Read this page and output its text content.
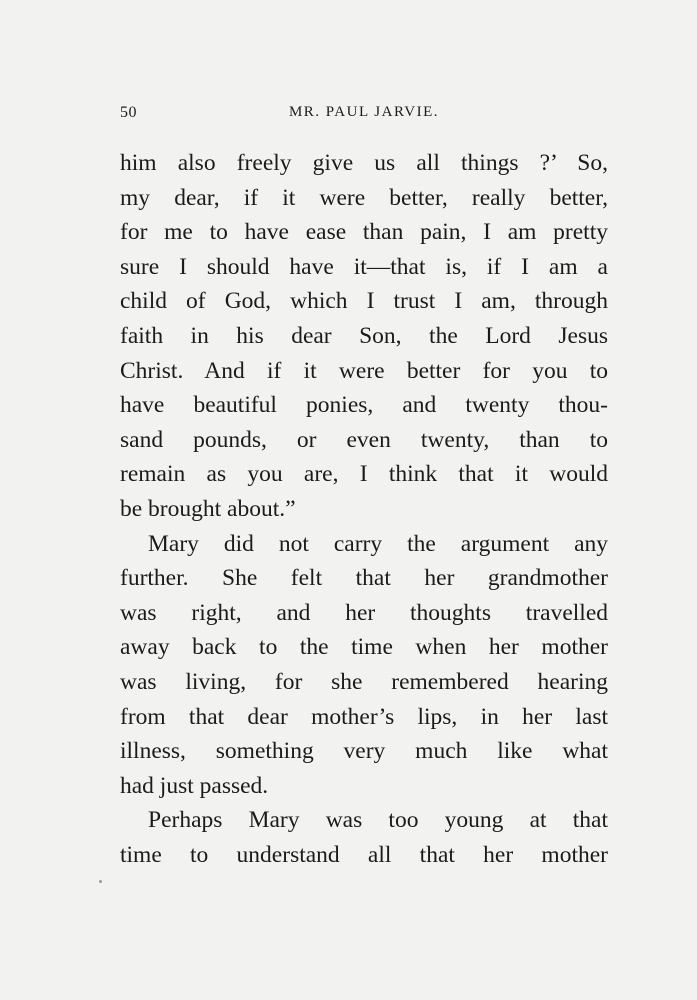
50	MR. PAUL JARVIE.
him also freely give us all things ?’ So,
my dear, if it were better, really better,
for me to have ease than pain, I am pretty
sure I should have it—that is, if I am a
child of God, which I trust I am, through
faith in his dear Son, the Lord Jesus
Christ. And if it were better for you to
have beautiful ponies, and twenty thou-
sand pounds, or even twenty, than to
remain as you are, I think that it would
be brought about.”
Mary did not carry the argument any
further. She felt that her grandmother
was right, and her thoughts travelled
away back to the time when her mother
was living, for she remembered hearing
from that dear mother’s lips, in her last
illness, something very much like what
had just passed.
Perhaps Mary was too young at that
time to understand all that her mother
